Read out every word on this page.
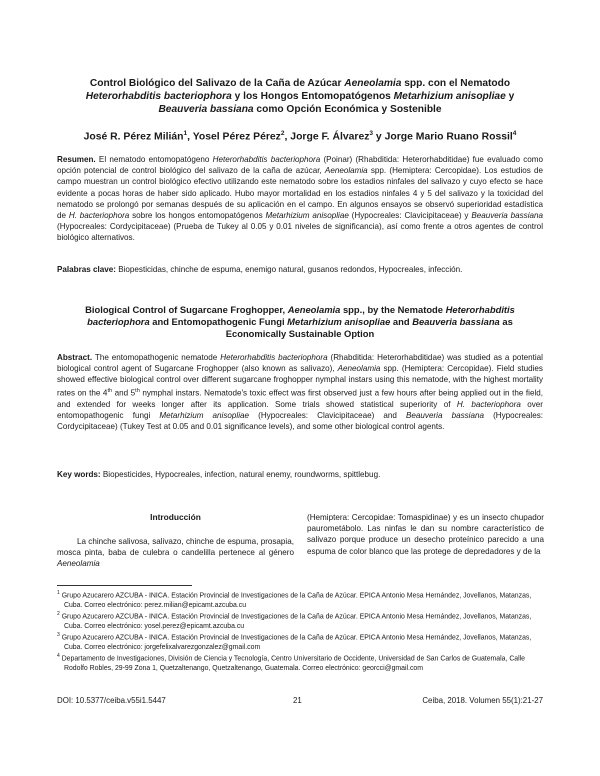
Control Biológico del Salivazo de la Caña de Azúcar Aeneolamia spp. con el Nematodo
Heterorhabditis bacteriophora y los Hongos Entomopatógenos Metarhizium anisopliae y
Beauveria bassiana como Opción Económica y Sostenible
José R. Pérez Milián$^1$, Yosel Pérez Pérez$^2$, Jorge F. Álvarez$^3$ y Jorge Mario Ruano Rossil$^4$
Resumen. El nematodo entomopatógeno Heterorhabditis bacteriophora (Poinar) (Rhabditida: Heterorhabditidae) fue evaluado como opción potencial de control biológico del salivazo de la caña de azúcar, Aeneolamia spp. (Hemiptera: Cercopidae). Los estudios de campo muestran un control biológico efectivo utilizando este nematodo sobre los estadios ninfales del salivazo y cuyo efecto se hace evidente a pocas horas de haber sido aplicado. Hubo mayor mortalidad en los estadios ninfales 4 y 5 del salivazo y la toxicidad del nematodo se prolongó por semanas después de su aplicación en el campo. En algunos ensayos se observó superioridad estadística de H. bacteriophora sobre los hongos entomopatógenos Metarhizium anisopliae (Hypocreales: Clavicipitaceae) y Beauveria bassiana (Hypocreales: Cordycipitaceae) (Prueba de Tukey al 0.05 y 0.01 niveles de significancia), así como frente a otros agentes de control biológico alternativos.
Palabras clave: Biopesticidas, chinche de espuma, enemigo natural, gusanos redondos, Hypocreales, infección.
Biological Control of Sugarcane Froghopper, Aeneolamia spp., by the Nematode Heterorhabditis bacteriophora and Entomopathogenic Fungi Metarhizium anisopliae and Beauveria bassiana as Economically Sustainable Option
Abstract. The entomopathogenic nematode Heterorhabditis bacteriophora (Rhabditida: Heterorhabditidae) was studied as a potential biological control agent of Sugarcane Froghopper (also known as salivazo), Aeneolamia spp. (Hemiptera: Cercopidae). Field studies showed effective biological control over different sugarcane froghopper nymphal instars using this nematode, with the highest mortality rates on the 4th and 5th nymphal instars. Nematode's toxic effect was first observed just a few hours after being applied out in the field, and extended for weeks longer after its application. Some trials showed statistical superiority of H. bacteriophora over entomopathogenic fungi Metarhizium anisopliae (Hypocreales: Clavicipitaceae) and Beauveria bassiana (Hypocreales: Cordycipitaceae) (Tukey Test at 0.05 and 0.01 significance levels), and some other biological control agents.
Key words: Biopesticides, Hypocreales, infection, natural enemy, roundworms, spittlebug.
Introducción

La chinche salivosa, salivazo, chinche de espuma, prosapia, mosca pinta, baba de culebra o candelilla pertenece al género Aeneolamia

(Hemiptera: Cercopidae: Tomaspidinae) y es un insecto chupador paurometábolo. Las ninfas le dan su nombre característico de salivazo porque produce un desecho proteínico parecido a una espuma de color blanco que las protege de depredadores y de la

$^1$ Grupo Azucarero AZCUBA - INICA. Estación Provincial de Investigaciones de la Caña de Azúcar. EPICA Antonio Mesa Hernández, Jovellanos, Matanzas, Cuba. Correo electrónico: perez.milian@epicamt.azcuba.cu
$^2$ Grupo Azucarero AZCUBA - INICA. Estación Provincial de Investigaciones de la Caña de Azúcar. EPICA Antonio Mesa Hernández, Jovellanos, Matanzas, Cuba. Correo electrónico: yosel.perez@epicamt.azcuba.cu
$^3$ Grupo Azucarero AZCUBA - INICA. Estación Provincial de Investigaciones de la Caña de Azúcar. EPICA Antonio Mesa Hernández, Jovellanos, Matanzas, Cuba. Correo electrónico: jorgefelixalvarezgonzalez@gmail.com
$^4$ Departamento de Investigaciones, División de Ciencia y Tecnología, Centro Universitario de Occidente, Universidad de San Carlos de Guatemala, Calle Rodolfo Robles, 29-99 Zona 1, Quetzaltenango, Quetzaltenango, Guatemala. Correo electrónico: georcci@gmail.com
DOI: 10.5377/ceiba.v55i1.5447	21	Ceiba, 2018. Volumen 55(1):21-27
